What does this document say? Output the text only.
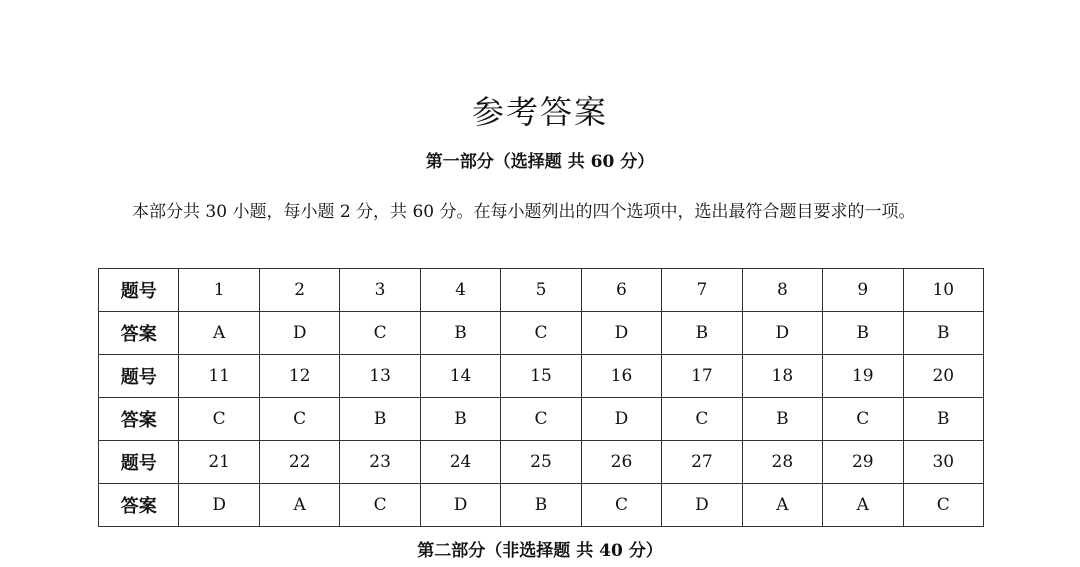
参考答案
第一部分（选择题 共 60 分）

本部分共 30 小题，每小题 2 分，共 60 分。在每小题列出的四个选项中，选出最符合题目要求的一项。

题号	1	2	3	4	5	6	7	8	9	10
答案	A	D	C	B	C	D	B	D	B	B
题号	11	12	13	14	15	16	17	18	19	20
答案	C	C	B	B	C	D	C	B	C	B
题号	21	22	23	24	25	26	27	28	29	30
答案	D	A	C	D	B	C	D	A	A	C
第二部分（非选择题 共 40 分）
